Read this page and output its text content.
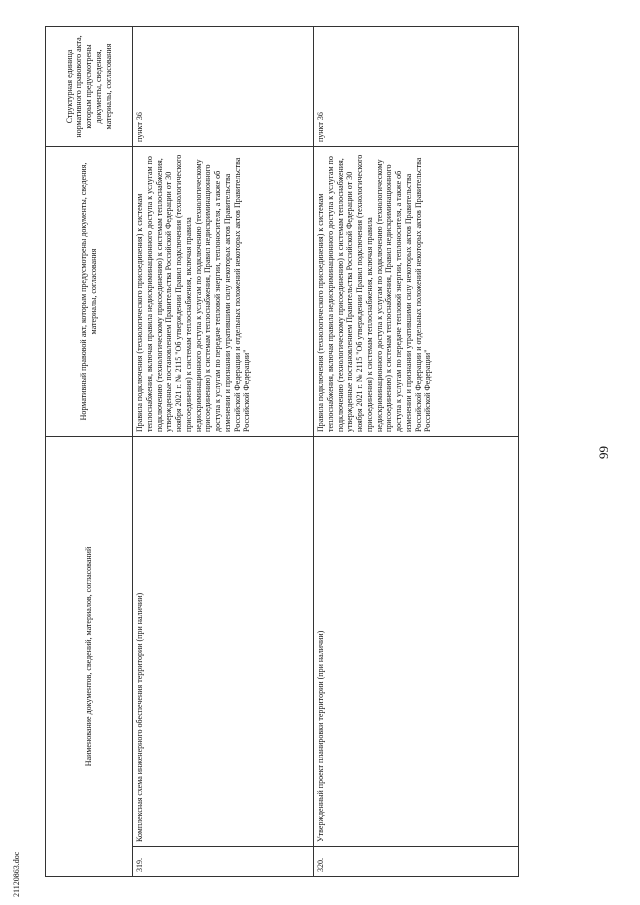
99
Наименование документов, сведений, материалов, согласований		Нормативный правовой акт, которым предусмотрены документы, сведения, материалы, согласования	Структурная единица нормативного правового акта, которым предусмотрены документы, сведения, материалы, согласования
319.	Комплексная схема инженерного обеспечения территории (при наличии)	Правила подключения (технологического присоединения) к системам теплоснабжения, включая правила недискриминационного доступа к услугам по подключению (технологическому присоединению) к системам теплоснабжения, утвержденные постановлением Правительства Российской Федерации от 30 ноября 2021 г. № 2115 "Об утверждении Правил подключения (технологического присоединения) к системам теплоснабжения, включая правила недискриминационного доступа к услугам по подключению (технологическому присоединению) к системам теплоснабжения, Правил недискриминационного доступа к услугам по передаче тепловой энергии, теплоносителя, а также об изменении и признании утратившими силу некоторых актов Правительства Российской Федерации и отдельных положений некоторых актов Правительства Российской Федерации"	пункт 36
320.	Утвержденный проект планировки территории (при наличии)	Правила подключения (технологического присоединения) к системам теплоснабжения, включая правила недискриминационного доступа к услугам по подключению (технологическому присоединению) к системам теплоснабжения, утвержденные постановлением Правительства Российской Федерации от 30 ноября 2021 г. № 2115 "Об утверждении Правил подключения (технологического присоединения) к системам теплоснабжения, включая правила недискриминационного доступа к услугам по подключению (технологическому присоединению) к системам теплоснабжения, Правил недискриминационного доступа к услугам по передаче тепловой энергии, теплоносителя, а также об изменении и признании утратившими силу некоторых актов Правительства Российской Федерации и отдельных положений некоторых актов Правительства Российской Федерации"	пункт 36
21120863.doc
